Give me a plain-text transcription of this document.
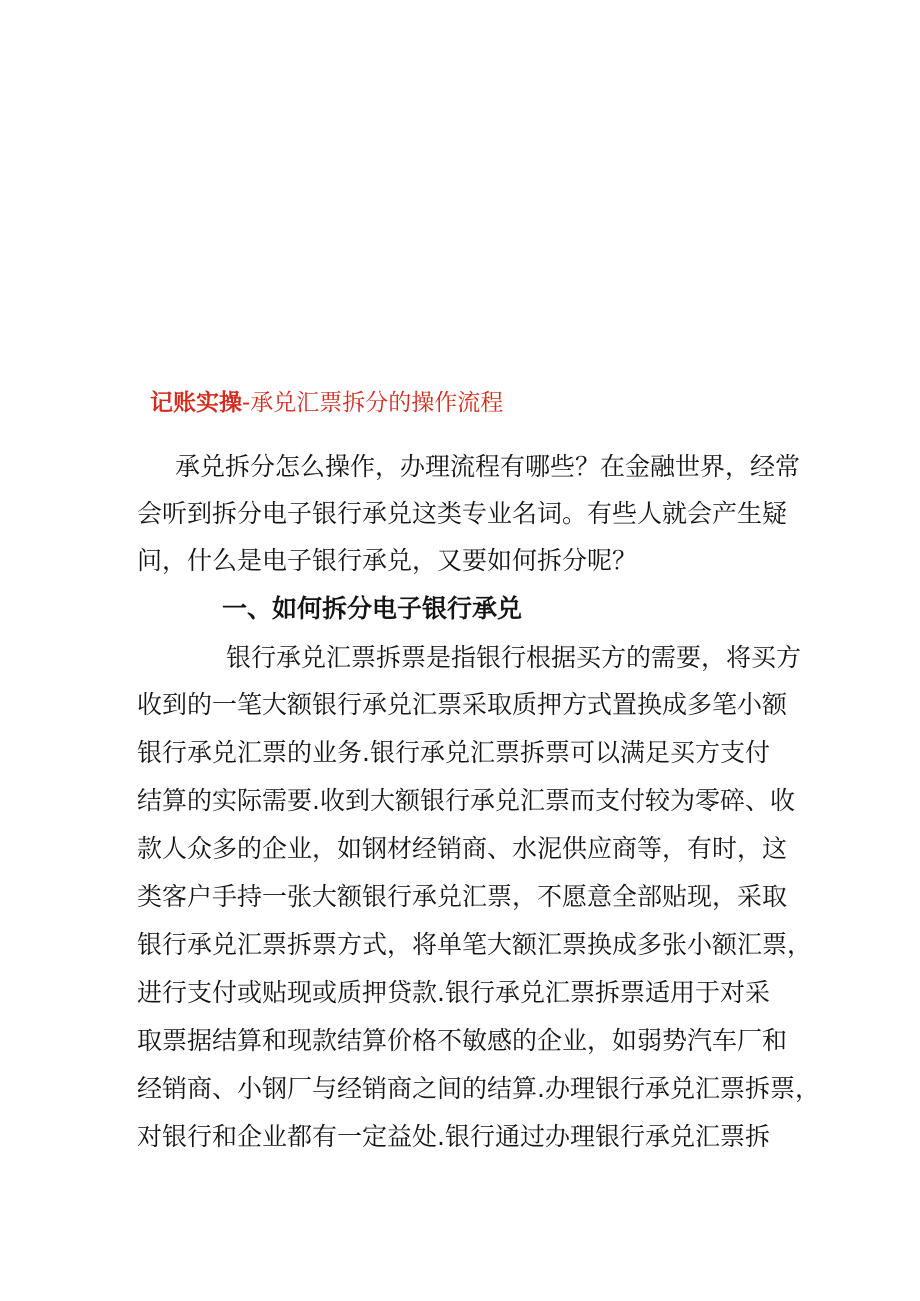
记账实操-承兑汇票拆分的操作流程
承兑拆分怎么操作，办理流程有哪些？在金融世界，经常
会听到拆分电子银行承兑这类专业名词。有些人就会产生疑
问，什么是电子银行承兑，又要如何拆分呢？
一、如何拆分电子银行承兑
银行承兑汇票拆票是指银行根据买方的需要，将买方
收到的一笔大额银行承兑汇票采取质押方式置换成多笔小额
银行承兑汇票的业务.银行承兑汇票拆票可以满足买方支付
结算的实际需要.收到大额银行承兑汇票而支付较为零碎、收
款人众多的企业，如钢材经销商、水泥供应商等，有时，这
类客户手持一张大额银行承兑汇票，不愿意全部贴现，采取
银行承兑汇票拆票方式，将单笔大额汇票换成多张小额汇票，
进行支付或贴现或质押贷款.银行承兑汇票拆票适用于对采
取票据结算和现款结算价格不敏感的企业，如弱势汽车厂和
经销商、小钢厂与经销商之间的结算.办理银行承兑汇票拆票，
对银行和企业都有一定益处.银行通过办理银行承兑汇票拆
